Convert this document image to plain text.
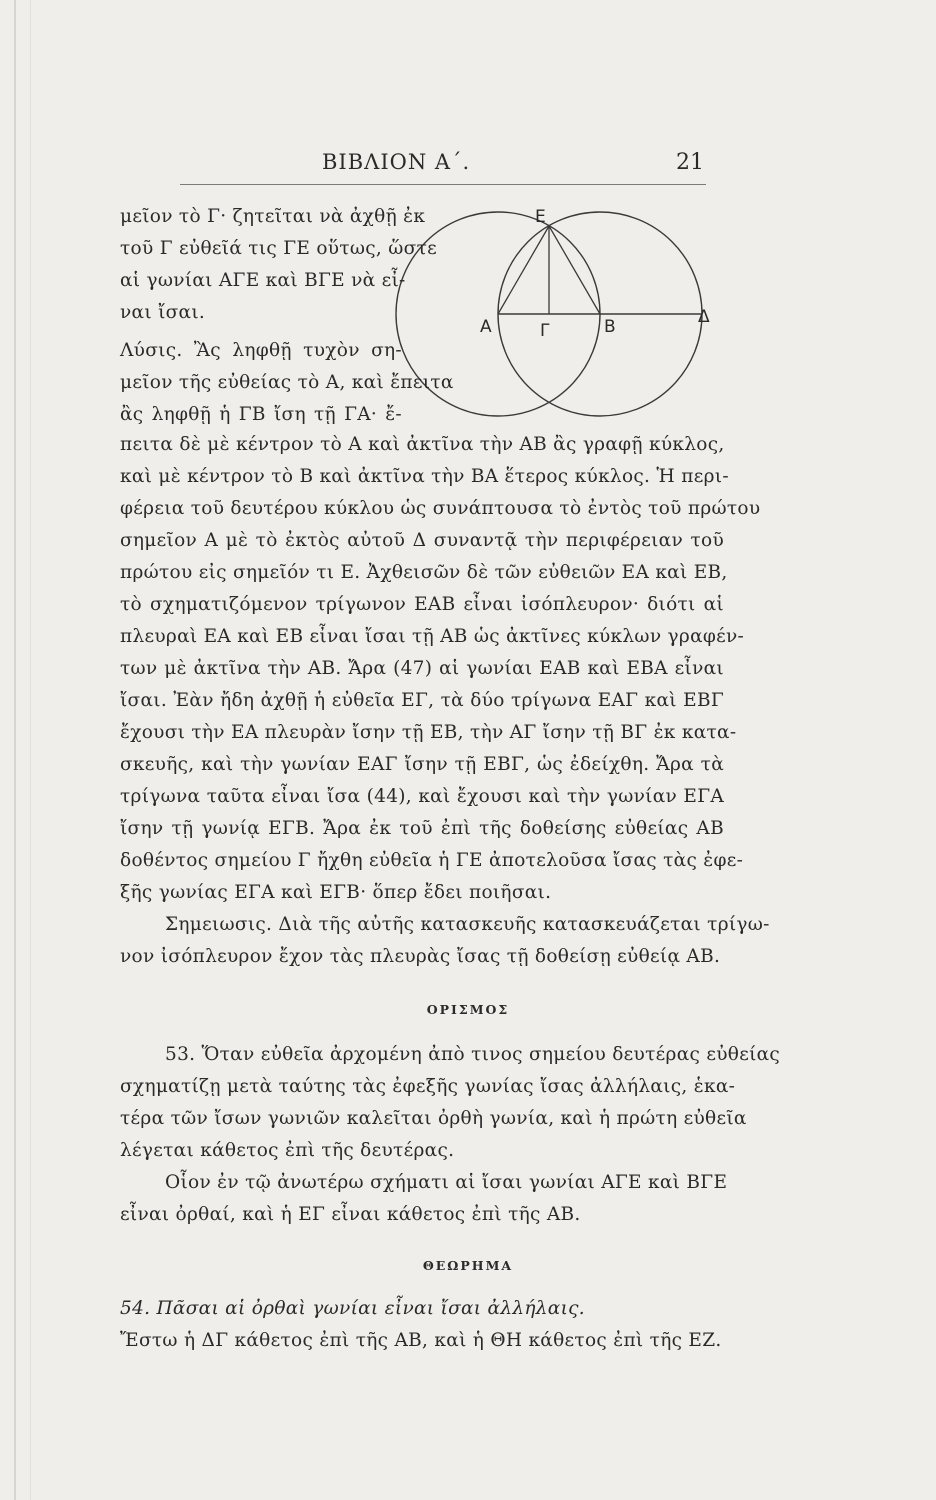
ΒΙΒΛΙΟΝ Α΄.	21
Ε
Α	Γ	Β	Δ
μεῖον τὸ Γ· ζητεῖται νὰ ἀχθῇ ἐκ
τοῦ Γ εὐθεῖά τις ΓΕ οὕτως, ὥστε
αἱ γωνίαι ΑΓΕ καὶ ΒΓΕ νὰ εἶ-
ναι ἴσαι.
Λύσις. Ἂς ληφθῇ τυχὸν ση-
μεῖον τῆς εὐθείας τὸ Α, καὶ ἔπειτα
ἂς ληφθῇ ἡ ΓΒ ἴση τῇ ΓΑ· ἔ-
πειτα δὲ μὲ κέντρον τὸ Α καὶ ἀκτῖνα τὴν ΑΒ ἂς γραφῇ κύκλος,
καὶ μὲ κέντρον τὸ Β καὶ ἀκτῖνα τὴν ΒΑ ἕτερος κύκλος. Ἡ περι-
φέρεια τοῦ δευτέρου κύκλου ὡς συνάπτουσα τὸ ἐντὸς τοῦ πρώτου
σημεῖον Α μὲ τὸ ἐκτὸς αὐτοῦ Δ συναντᾷ τὴν περιφέρειαν τοῦ
πρώτου εἰς σημεῖόν τι Ε. Ἀχθεισῶν δὲ τῶν εὐθειῶν ΕΑ καὶ ΕΒ,
τὸ σχηματιζόμενον τρίγωνον ΕΑΒ εἶναι ἰσόπλευρον· διότι αἱ
πλευραὶ ΕΑ καὶ ΕΒ εἶναι ἴσαι τῇ ΑΒ ὡς ἀκτῖνες κύκλων γραφέν-
των μὲ ἀκτῖνα τὴν ΑΒ. Ἄρα (47) αἱ γωνίαι ΕΑΒ καὶ ΕΒΑ εἶναι
ἴσαι. Ἐὰν ἤδη ἀχθῇ ἡ εὐθεῖα ΕΓ, τὰ δύο τρίγωνα ΕΑΓ καὶ ΕΒΓ
ἔχουσι τὴν ΕΑ πλευρὰν ἴσην τῇ ΕΒ, τὴν ΑΓ ἴσην τῇ ΒΓ ἐκ κατα-
σκευῆς, καὶ τὴν γωνίαν ΕΑΓ ἴσην τῇ ΕΒΓ, ὡς ἐδείχθη. Ἄρα τὰ
τρίγωνα ταῦτα εἶναι ἴσα (44), καὶ ἔχουσι καὶ τὴν γωνίαν ΕΓΑ
ἴσην τῇ γωνίᾳ ΕΓΒ. Ἄρα ἐκ τοῦ ἐπὶ τῆς δοθείσης εὐθείας ΑΒ
δοθέντος σημείου Γ ἤχθη εὐθεῖα ἡ ΓΕ ἀποτελοῦσα ἴσας τὰς ἐφε-
ξῆς γωνίας ΕΓΑ καὶ ΕΓΒ· ὅπερ ἔδει ποιῆσαι.
Σημειωσις. Διὰ τῆς αὐτῆς κατασκευῆς κατασκευάζεται τρίγω-
νον ἰσόπλευρον ἔχον τὰς πλευρὰς ἴσας τῇ δοθείσῃ εὐθείᾳ ΑΒ.
ΟΡΙΣΜΟΣ
53. Ὅταν εὐθεῖα ἀρχομένη ἀπὸ τινος σημείου δευτέρας εὐθείας
σχηματίζῃ μετὰ ταύτης τὰς ἐφεξῆς γωνίας ἴσας ἀλλήλαις, ἑκα-
τέρα τῶν ἴσων γωνιῶν καλεῖται ὀρθὴ γωνία, καὶ ἡ πρώτη εὐθεῖα
λέγεται κάθετος ἐπὶ τῆς δευτέρας.
Οἷον ἐν τῷ ἀνωτέρω σχήματι αἱ ἴσαι γωνίαι ΑΓΕ καὶ ΒΓΕ
εἶναι ὀρθαί, καὶ ἡ ΕΓ εἶναι κάθετος ἐπὶ τῆς ΑΒ.
ΘΕΩΡΗΜΑ
54. Πᾶσαι αἱ ὀρθαὶ γωνίαι εἶναι ἴσαι ἀλλήλαις.
Ἔστω ἡ ΔΓ κάθετος ἐπὶ τῆς ΑΒ, καὶ ἡ ΘΗ κάθετος ἐπὶ τῆς ΕΖ.
